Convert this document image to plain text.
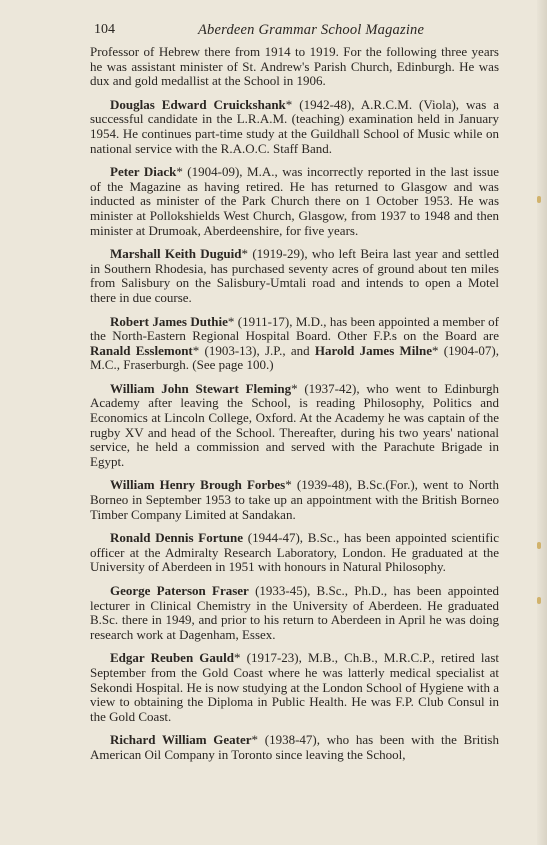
104	Aberdeen Grammar School Magazine

Professor of Hebrew there from 1914 to 1919. For the following three years he was assistant minister of St. Andrew's Parish Church, Edinburgh. He was dux and gold medallist at the School in 1906.

Douglas Edward Cruickshank* (1942-48), A.R.C.M. (Viola), was a successful candidate in the L.R.A.M. (teaching) examination held in January 1954. He continues part-time study at the Guildhall School of Music while on national service with the R.A.O.C. Staff Band.

Peter Diack* (1904-09), M.A., was incorrectly reported in the last issue of the Magazine as having retired. He has returned to Glasgow and was inducted as minister of the Park Church there on 1 October 1953. He was minister at Pollokshields West Church, Glasgow, from 1937 to 1948 and then minister at Drumoak, Aberdeenshire, for five years.

Marshall Keith Duguid* (1919-29), who left Beira last year and settled in Southern Rhodesia, has purchased seventy acres of ground about ten miles from Salisbury on the Salisbury-Umtali road and intends to open a Motel there in due course.

Robert James Duthie* (1911-17), M.D., has been appointed a member of the North-Eastern Regional Hospital Board. Other F.P.s on the Board are Ranald Esslemont* (1903-13), J.P., and Harold James Milne* (1904-07), M.C., Fraserburgh. (See page 100.)

William John Stewart Fleming* (1937-42), who went to Edinburgh Academy after leaving the School, is reading Philosophy, Politics and Economics at Lincoln College, Oxford. At the Academy he was captain of the rugby XV and head of the School. Thereafter, during his two years' national service, he held a commission and served with the Parachute Brigade in Egypt.

William Henry Brough Forbes* (1939-48), B.Sc.(For.), went to North Borneo in September 1953 to take up an appointment with the British Borneo Timber Company Limited at Sandakan.

Ronald Dennis Fortune (1944-47), B.Sc., has been appointed scientific officer at the Admiralty Research Laboratory, London. He graduated at the University of Aberdeen in 1951 with honours in Natural Philosophy.

George Paterson Fraser (1933-45), B.Sc., Ph.D., has been appointed lecturer in Clinical Chemistry in the University of Aberdeen. He graduated B.Sc. there in 1949, and prior to his return to Aberdeen in April he was doing research work at Dagenham, Essex.

Edgar Reuben Gauld* (1917-23), M.B., Ch.B., M.R.C.P., retired last September from the Gold Coast where he was latterly medical specialist at Sekondi Hospital. He is now studying at the London School of Hygiene with a view to obtaining the Diploma in Public Health. He was F.P. Club Consul in the Gold Coast.

Richard William Geater* (1938-47), who has been with the British American Oil Company in Toronto since leaving the School,
